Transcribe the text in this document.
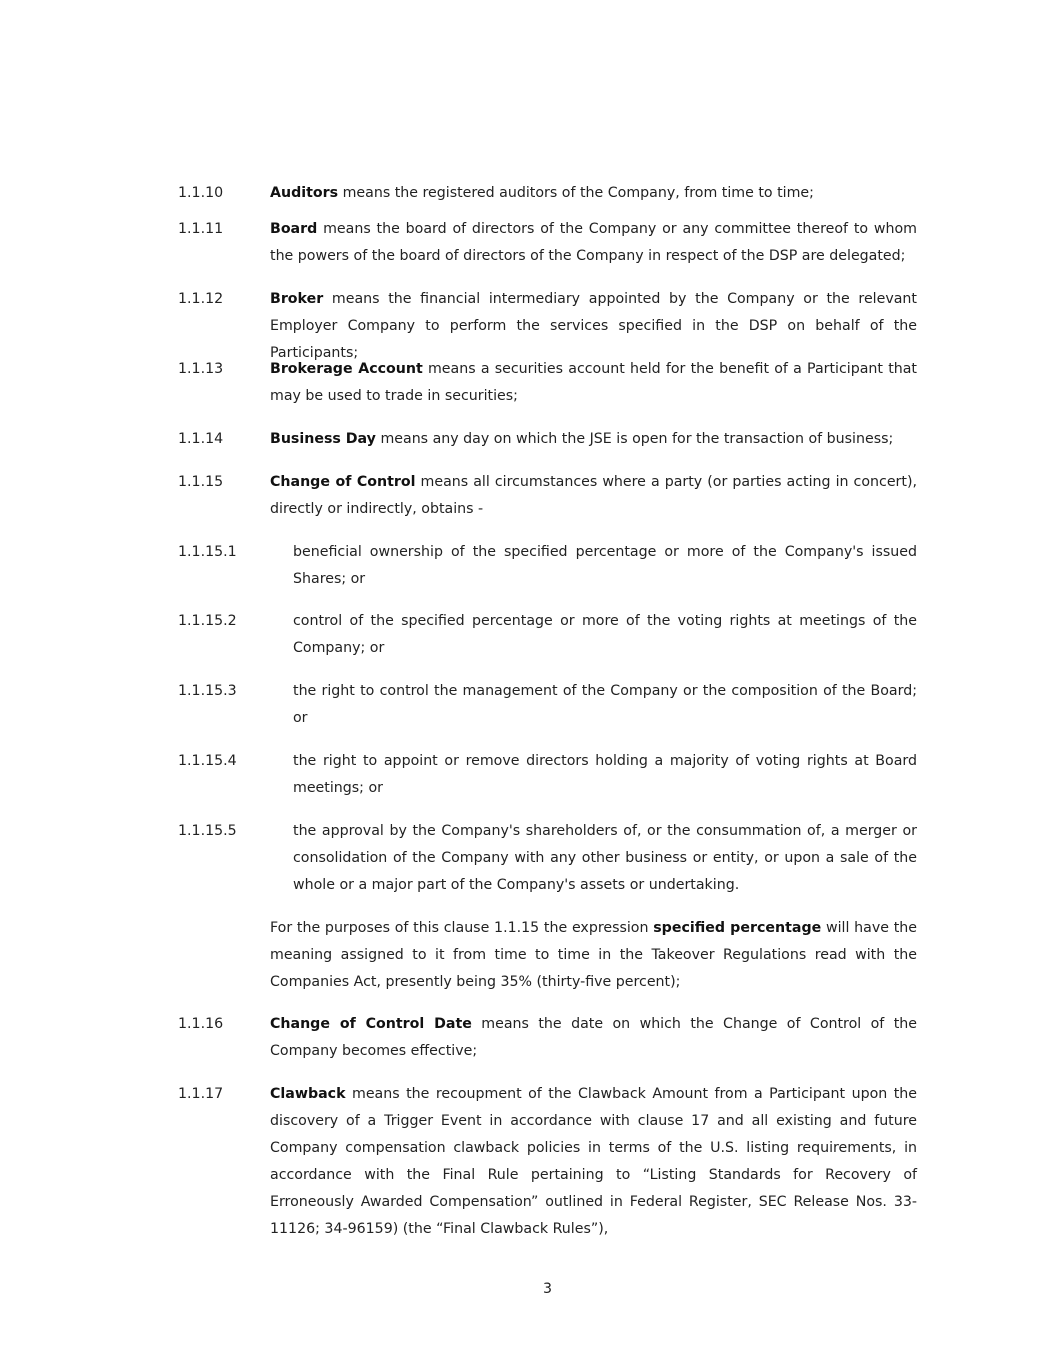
1.1.10	Auditors means the registered auditors of the Company, from time to time;
1.1.11	Board means the board of directors of the Company or any committee thereof to whom the powers of the board of directors of the Company in respect of the DSP are delegated;
1.1.12	Broker means the financial intermediary appointed by the Company or the relevant Employer Company to perform the services specified in the DSP on behalf of the Participants;
1.1.13	Brokerage Account means a securities account held for the benefit of a Participant that may be used to trade in securities;
1.1.14	Business Day means any day on which the JSE is open for the transaction of business;
1.1.15	Change of Control means all circumstances where a party (or parties acting in concert), directly or indirectly, obtains -
1.1.15.1	beneficial ownership of the specified percentage or more of the Company's issued Shares; or
1.1.15.2	control of the specified percentage or more of the voting rights at meetings of the Company; or
1.1.15.3	the right to control the management of the Company or the composition of the Board; or
1.1.15.4	the right to appoint or remove directors holding a majority of voting rights at Board meetings; or
1.1.15.5	the approval by the Company's shareholders of, or the consummation of, a merger or consolidation of the Company with any other business or entity, or upon a sale of the whole or a major part of the Company's assets or undertaking.
For the purposes of this clause 1.1.15 the expression specified percentage will have the meaning assigned to it from time to time in the Takeover Regulations read with the Companies Act, presently being 35% (thirty-five percent);
1.1.16	Change of Control Date means the date on which the Change of Control of the Company becomes effective;
1.1.17	Clawback means the recoupment of the Clawback Amount from a Participant upon the discovery of a Trigger Event in accordance with clause 17 and all existing and future Company compensation clawback policies in terms of the U.S. listing requirements, in accordance with the Final Rule pertaining to “Listing Standards for Recovery of Erroneously Awarded Compensation” outlined in Federal Register, SEC Release Nos. 33-11126; 34-96159) (the “Final Clawback Rules”),
3
